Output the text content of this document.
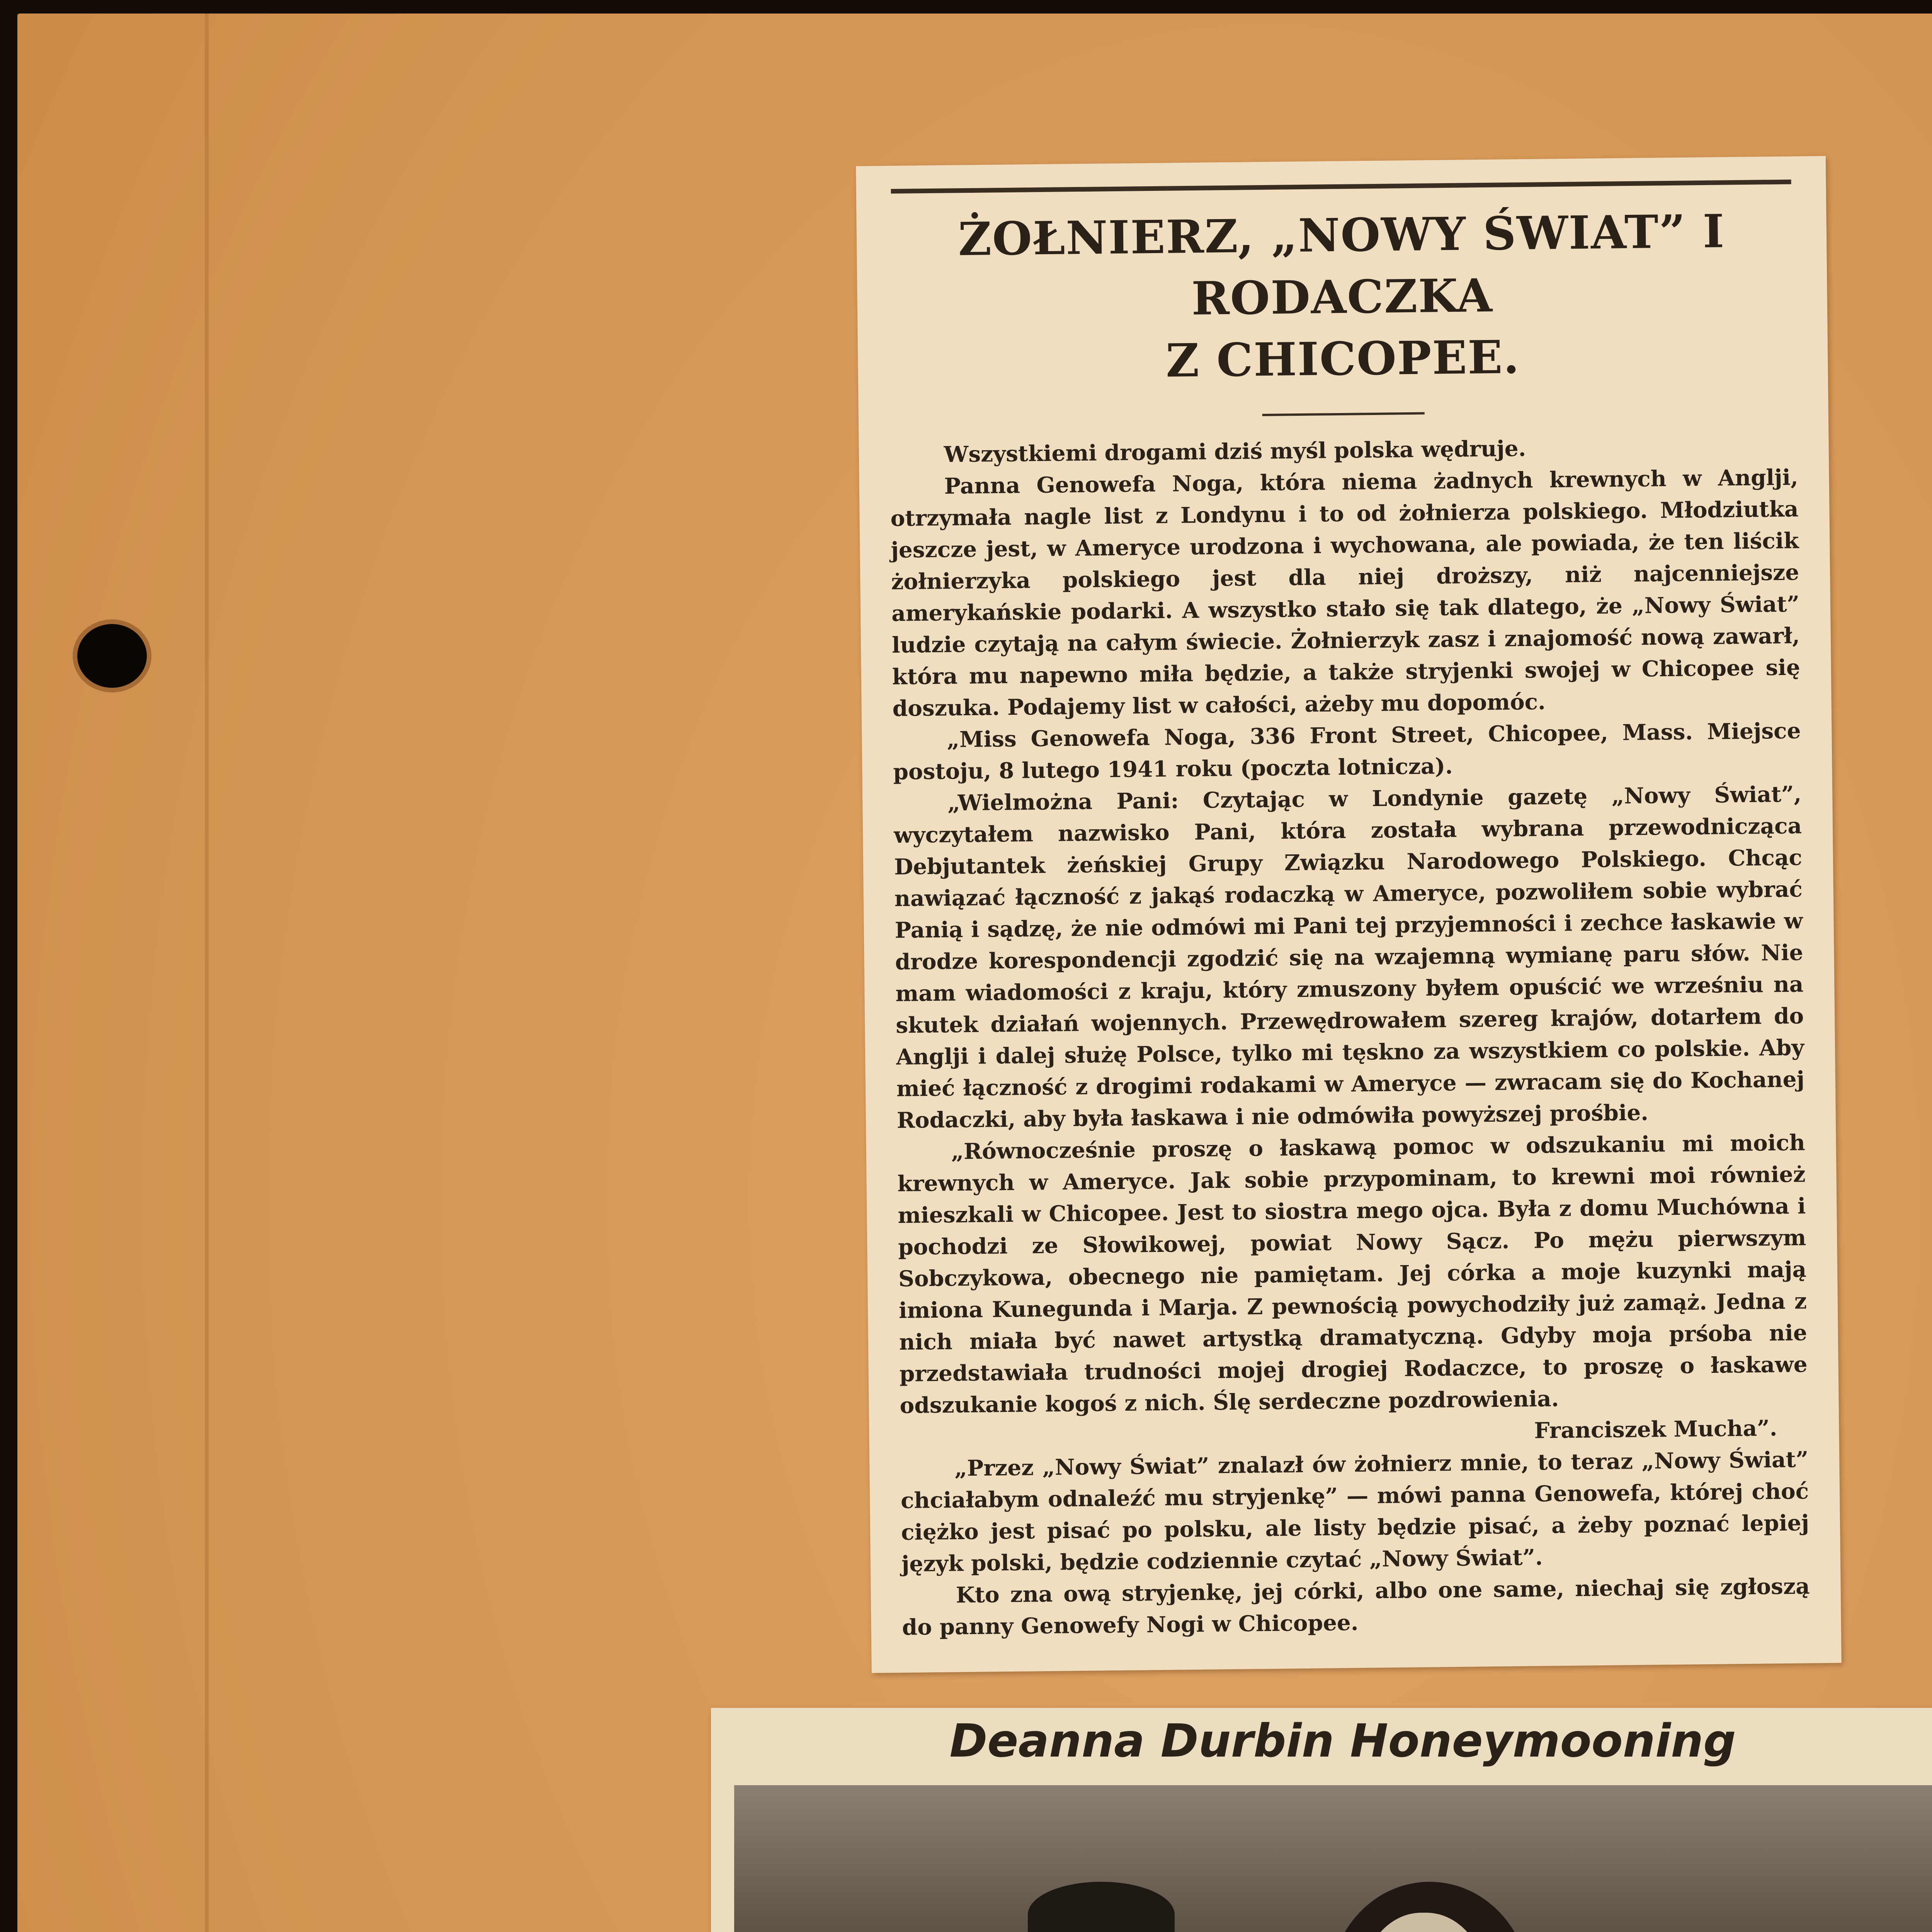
ŻOŁNIERZ, „NOWY ŚWIAT” I RODACZKA
Z CHICOPEE.

Wszystkiemi drogami dziś myśl polska wędruje.

Panna Genowefa Noga, która niema żadnych krewnych w Anglji, otrzymała nagle list z Londynu i to od żołnierza polskiego. Młodziutka jeszcze jest, w Ameryce urodzona i wychowana, ale powiada, że ten liścik żołnierzyka polskiego jest dla niej droższy, niż najcenniejsze amerykańskie podarki. A wszystko stało się tak dlatego, że „Nowy Świat” ludzie czytają na całym świecie. Żołnierzyk zasz i znajomość nową zawarł, która mu napewno miła będzie, a także stryjenki swojej w Chicopee się doszuka. Podajemy list w całości, ażeby mu dopomóc.

„Miss Genowefa Noga, 336 Front Street, Chicopee, Mass. Miejsce postoju, 8 lutego 1941 roku (poczta lotnicza).

„Wielmożna Pani: Czytając w Londynie gazetę „Nowy Świat”, wyczytałem nazwisko Pani, która została wybrana przewodnicząca Debjutantek żeńskiej Grupy Związku Narodowego Polskiego. Chcąc nawiązać łączność z jakąś rodaczką w Ameryce, pozwoliłem sobie wybrać Panią i sądzę, że nie odmówi mi Pani tej przyjemności i zechce łaskawie w drodze korespondencji zgodzić się na wzajemną wymianę paru słów. Nie mam wiadomości z kraju, który zmuszony byłem opuścić we wrześniu na skutek działań wojennych. Przewędrowałem szereg krajów, dotarłem do Anglji i dalej służę Polsce, tylko mi tęskno za wszystkiem co polskie. Aby mieć łączność z drogimi rodakami w Ameryce — zwracam się do Kochanej Rodaczki, aby była łaskawa i nie odmówiła powyższej prośbie.

„Równocześnie proszę o łaskawą pomoc w odszukaniu mi moich krewnych w Ameryce. Jak sobie przypominam, to krewni moi również mieszkali w Chicopee. Jest to siostra mego ojca. Była z domu Muchówna i pochodzi ze Słowikowej, powiat Nowy Sącz. Po mężu pierwszym Sobczykowa, obecnego nie pamiętam. Jej córka a moje kuzynki mają imiona Kunegunda i Marja. Z pewnością powychodziły już zamąż. Jedna z nich miała być nawet artystką dramatyczną. Gdyby moja prśoba nie przedstawiała trudności mojej drogiej Rodaczce, to proszę o łaskawe odszukanie kogoś z nich. Ślę serdeczne pozdrowienia.

Franciszek Mucha”.

„Przez „Nowy Świat” znalazł ów żołnierz mnie, to teraz „Nowy Świat” chciałabym odnaleźć mu stryjenkę” — mówi panna Genowefa, której choć ciężko jest pisać po polsku, ale listy będzie pisać, a żeby poznać lepiej język polski, będzie codziennie czytać „Nowy Świat”.

Kto zna ową stryjenkę, jej córki, albo one same, niechaj się zgłoszą do panny Genowefy Nogi w Chicopee.

Deanna Durbin Honeymooning
